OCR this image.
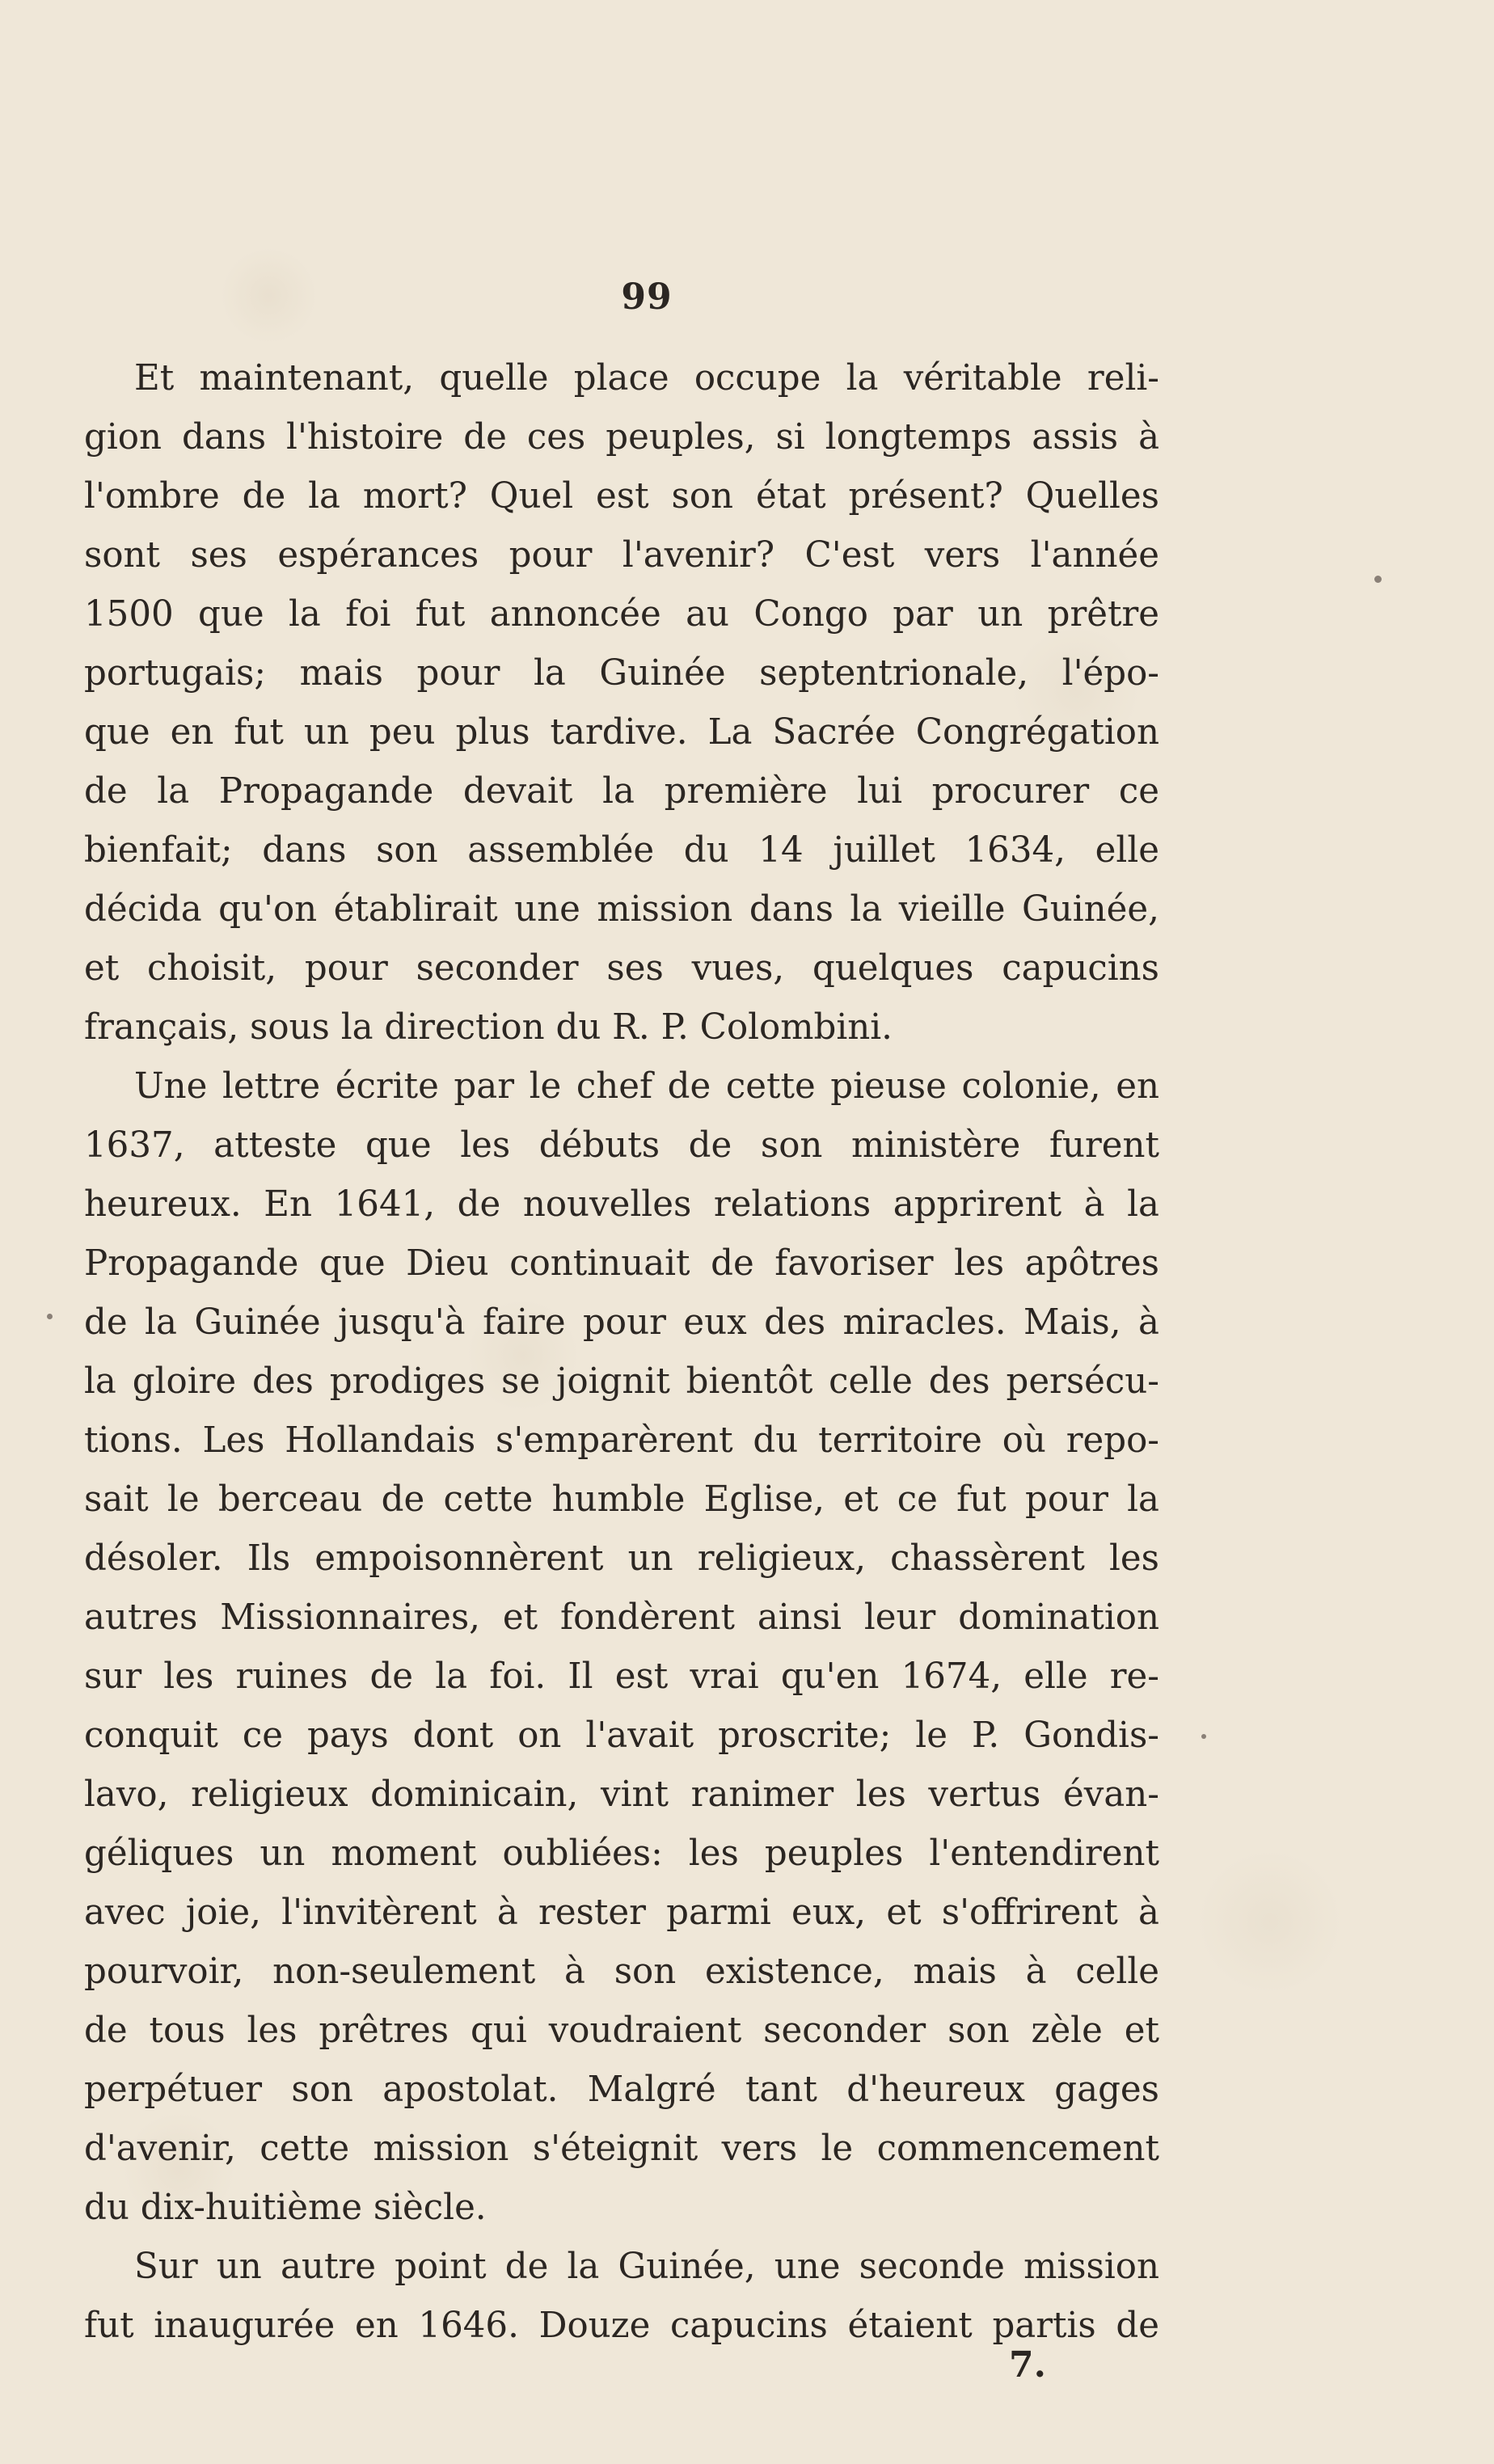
99
Et maintenant, quelle place occupe la véritable reli-
gion dans l'histoire de ces peuples, si longtemps assis à
l'ombre de la mort? Quel est son état présent? Quelles
sont ses espérances pour l'avenir? C'est vers l'année
1500 que la foi fut annoncée au Congo par un prêtre
portugais; mais pour la Guinée septentrionale, l'épo-
que en fut un peu plus tardive. La Sacrée Congrégation
de la Propagande devait la première lui procurer ce
bienfait; dans son assemblée du 14 juillet 1634, elle
décida qu'on établirait une mission dans la vieille Guinée,
et choisit, pour seconder ses vues, quelques capucins
français, sous la direction du R. P. Colombini.
Une lettre écrite par le chef de cette pieuse colonie, en
1637, atteste que les débuts de son ministère furent
heureux. En 1641, de nouvelles relations apprirent à la
Propagande que Dieu continuait de favoriser les apôtres
de la Guinée jusqu'à faire pour eux des miracles. Mais, à
la gloire des prodiges se joignit bientôt celle des persécu-
tions. Les Hollandais s'emparèrent du territoire où repo-
sait le berceau de cette humble Eglise, et ce fut pour la
désoler. Ils empoisonnèrent un religieux, chassèrent les
autres Missionnaires, et fondèrent ainsi leur domination
sur les ruines de la foi. Il est vrai qu'en 1674, elle re-
conquit ce pays dont on l'avait proscrite; le P. Gondis-
lavo, religieux dominicain, vint ranimer les vertus évan-
géliques un moment oubliées: les peuples l'entendirent
avec joie, l'invitèrent à rester parmi eux, et s'offrirent à
pourvoir, non-seulement à son existence, mais à celle
de tous les prêtres qui voudraient seconder son zèle et
perpétuer son apostolat. Malgré tant d'heureux gages
d'avenir, cette mission s'éteignit vers le commencement
du dix-huitième siècle.
Sur un autre point de la Guinée, une seconde mission
fut inaugurée en 1646. Douze capucins étaient partis de
7.
